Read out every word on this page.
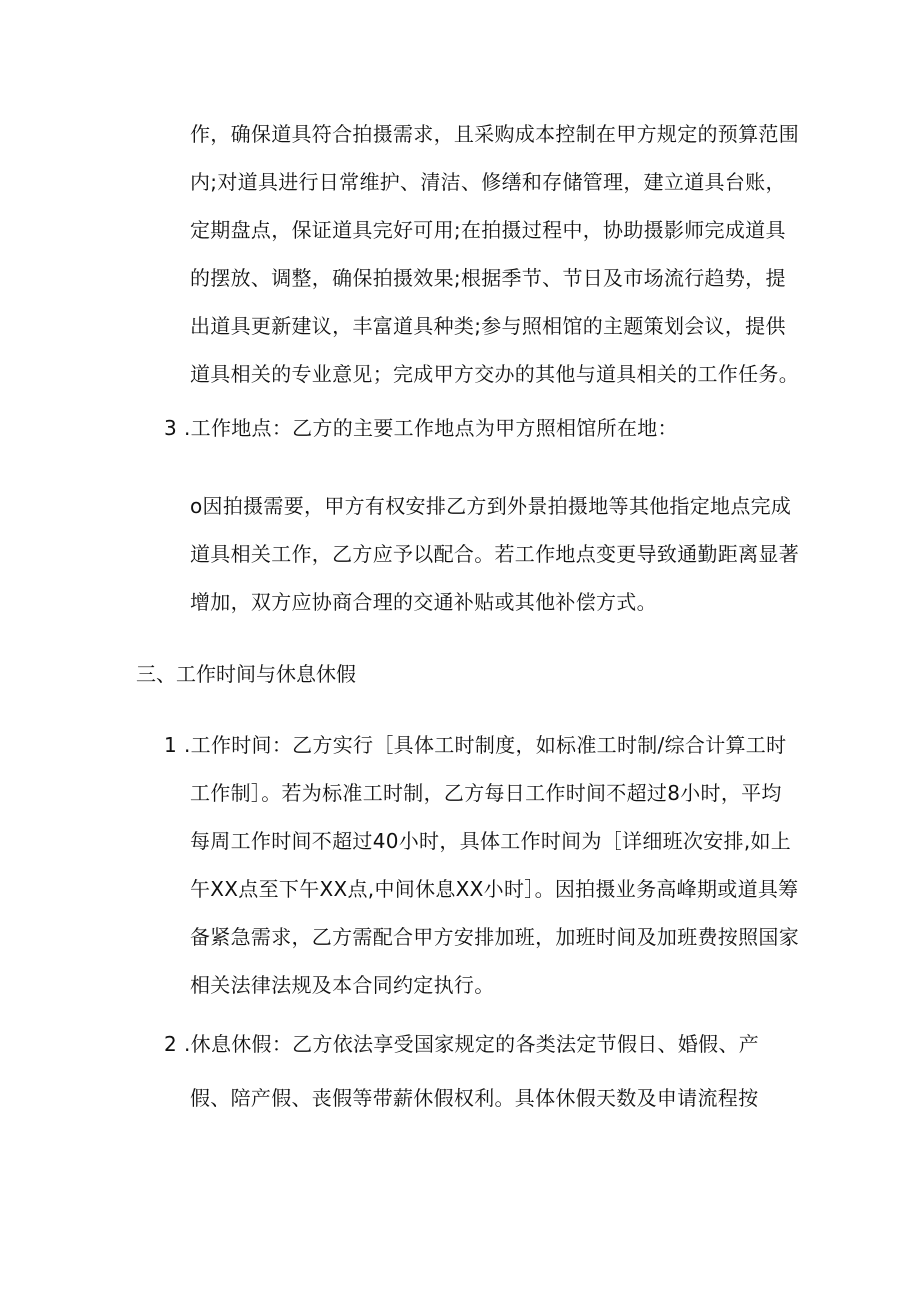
作，确保道具符合拍摄需求，且采购成本控制在甲方规定的预算范围
内;对道具进行日常维护、清洁、修缮和存储管理，建立道具台账，
定期盘点，保证道具完好可用;在拍摄过程中，协助摄影师完成道具
的摆放、调整，确保拍摄效果;根据季节、节日及市场流行趋势，提
出道具更新建议，丰富道具种类;参与照相馆的主题策划会议，提供
道具相关的专业意见；完成甲方交办的其他与道具相关的工作任务。
3 .工作地点：乙方的主要工作地点为甲方照相馆所在地：
o因拍摄需要，甲方有权安排乙方到外景拍摄地等其他指定地点完成
道具相关工作，乙方应予以配合。若工作地点变更导致通勤距离显著
增加，双方应协商合理的交通补贴或其他补偿方式。
三、工作时间与休息休假
1 .工作时间：乙方实行［具体工时制度，如标准工时制/综合计算工时
工作制］。若为标准工时制，乙方每日工作时间不超过8小时，平均
每周工作时间不超过40小时，具体工作时间为［详细班次安排,如上
午XX点至下午XX点,中间休息XX小时］。因拍摄业务高峰期或道具筹
备紧急需求，乙方需配合甲方安排加班，加班时间及加班费按照国家
相关法律法规及本合同约定执行。
2 .休息休假：乙方依法享受国家规定的各类法定节假日、婚假、产
假、陪产假、丧假等带薪休假权利。具体休假天数及申请流程按
